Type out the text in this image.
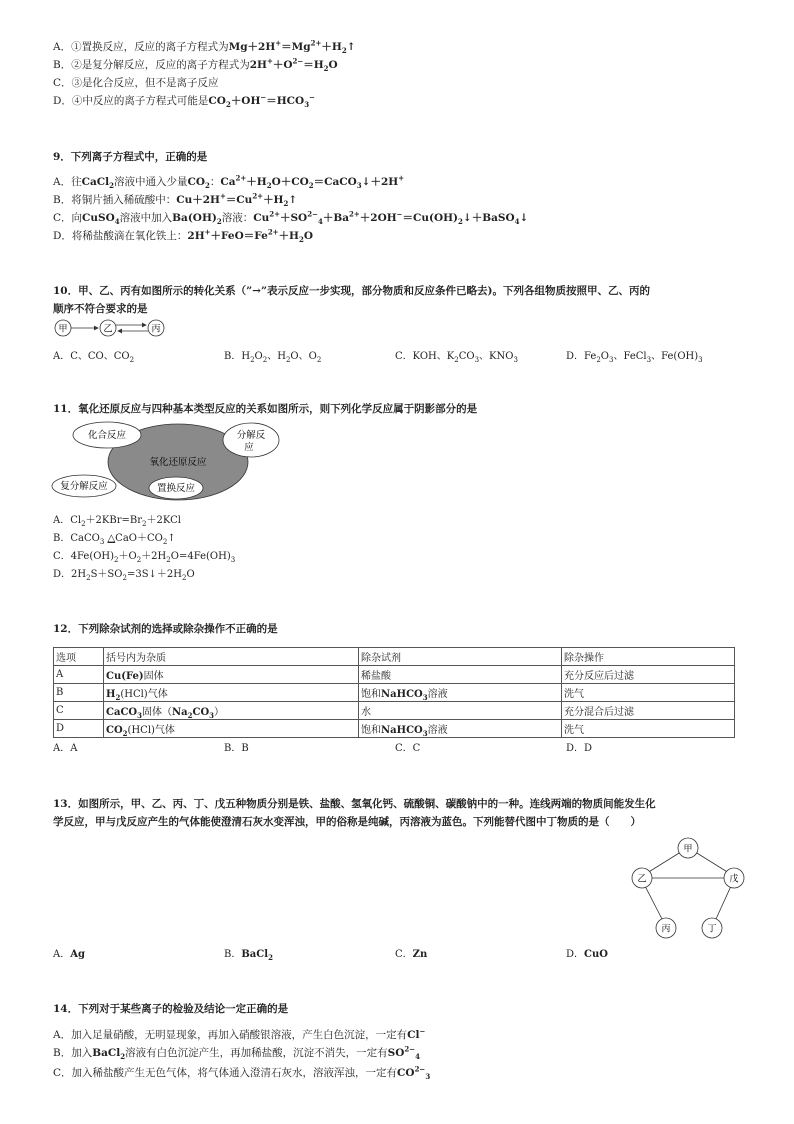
A．①置换反应，反应的离子方程式为$Mg+2H^+=Mg^{2+}+H_2↑$
B．②是复分解反应，反应的离子方程式为$2H^++O^{2-}=H_2O$
C．③是化合反应，但不是离子反应
D．④中反应的离子方程式可能是$CO_2+OH^-=HCO_3^-$
9．下列离子方程式中，正确的是
A．往CaCl$_2$溶液中通入少量$CO_2$：$Ca^{2+}+H_2O+CO_2=CaCO_3↓+2H^+$
B．将铜片插入稀硫酸中：$Cu+2H^+=Cu^{2+}+H_2↑$
C．向CuSO$_4$溶液中加入$Ba(OH)_2$溶液：$Cu^{2+}+SO^{2-}_4+Ba^{2+}+2OH^-=Cu(OH)_2↓+BaSO_4↓$
D．将稀盐酸滴在氧化铁上：$2H^++FeO=Fe^{2+}+H_2O$
10．甲、乙、丙有如图所示的转化关系（”→”表示反应一步实现，部分物质和反应条件已略去)。下列各组物质按照甲、乙、丙的
顺序不符合要求的是
甲	乙	丙
A．C、CO、$CO_2$	B．$H_2O_2$、$H_2O$、$O_2$	C．KOH、$K_2CO_3$、$KNO_3$	D．$Fe_2O_3$、FeCl$_3$、$Fe(OH)_3$
11．氧化还原反应与四种基本类型反应的关系如图所示，则下列化学反应属于阴影部分的是
氧化还原反应
化合反应	分解反
应
复分解反应	置换反应
A．$Cl_2+2KBr=Br_2+2KCl$
B．CaCO$_3$ $\triangle CaO+CO_2↑$
C．$4Fe(OH)_2+O_2+2H_2O=4Fe(OH)_3$
D．$2H_2S+SO_2=3S↓+2H_2O$
12．下列除杂试剂的选择或除杂操作不正确的是
选项	括号内为杂质	除杂试剂	除杂操作
A	Cu(Fe)固体	稀盐酸	充分反应后过滤
B	$H_2(HCl)$气体	饱和NaHCO$_3$溶液	洗气
C	CaCO$_3$固体$(Na_2CO_3)$	水	充分混合后过滤
D	$CO_2(HCl)$气体	饱和NaHCO$_3$溶液	洗气
A．A	B．B	C．C	D．D
13．如图所示，甲、乙、丙、丁、戊五种物质分别是铁、盐酸、氢氧化钙、硫酸铜、碳酸钠中的一种。连线两端的物质间能发生化
学反应，甲与戊反应产生的气体能使澄清石灰水变浑浊，甲的俗称是纯碱，丙溶液为蓝色。下列能替代图中丁物质的是（　　）
甲
乙	戊
丙	丁
A．Ag	B．BaCl$_2$	C．Zn	D．CuO
14．下列对于某些离子的检验及结论一定正确的是
A．加入足量硝酸，无明显现象，再加入硝酸银溶液，产生白色沉淀，一定有Cl−
B．加入BaCl$_2$溶液有白色沉淀产生，再加稀盐酸，沉淀不消失，一定有$SO^{2-}_4$
C．加入稀盐酸产生无色气体，将气体通入澄清石灰水，溶液浑浊，一定有$CO^{2-}_3$
